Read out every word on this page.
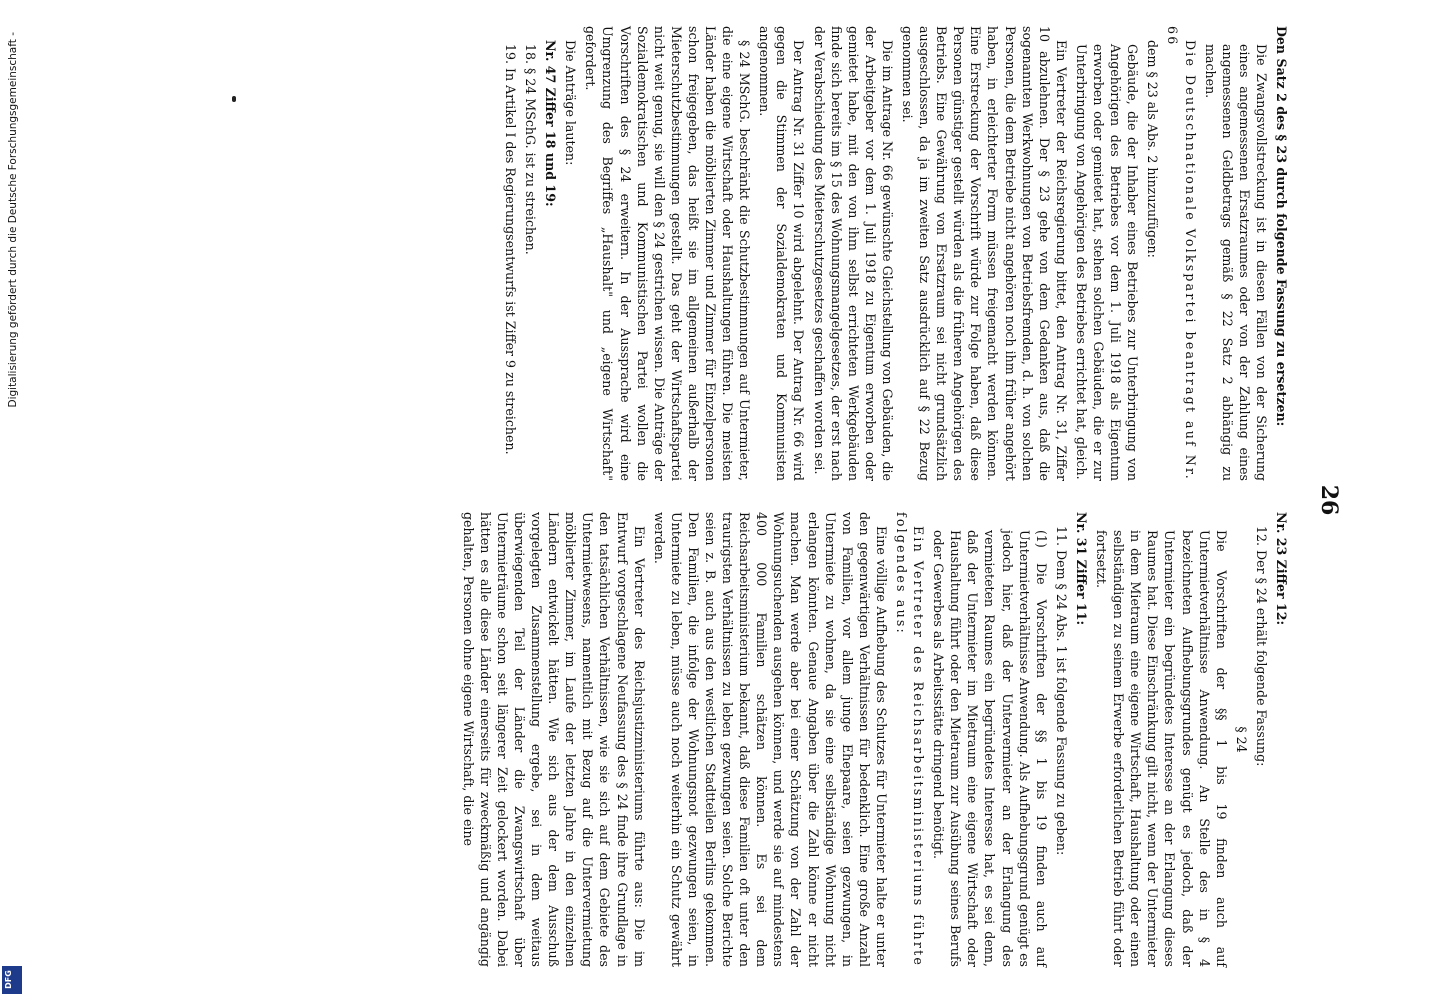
26

Den Satz 2 des § 23 durch folgende Fassung zu ersetzen:

Die Zwangsvollstreckung ist in diesen Fällen von der Sicherung eines angemessenen Ersatzraumes oder von der Zahlung eines angemessenen Geldbetrags gemäß § 22 Satz 2 abhängig zu machen.

Die Deutschnationale Volkspartei beantragt auf Nr. 66

dem § 23 als Abs. 2 hinzuzufügen:

Gebäude, die der Inhaber eines Betriebes zur Unterbringung von Angehörigen des Betriebes vor dem 1. Juli 1918 als Eigentum erworben oder gemietet hat, stehen solchen Gebäuden, die er zur Unterbringung von Angehörigen des Betriebes errichtet hat, gleich.

Ein Vertreter der Reichsregierung bittet, den Antrag Nr. 31, Ziffer 10 abzulehnen. Der § 23 gehe von dem Gedanken aus, daß die sogenannten Werkwohnungen von Betriebsfremden, d. h. von solchen Personen, die dem Betriebe nicht angehören noch ihm früher angehört haben, in erleichterter Form müssen freigemacht werden können. Eine Erstreckung der Vorschrift würde zur Folge haben, daß diese Personen günstiger gestellt würden als die früheren Angehörigen des Betriebs. Eine Gewährung von Ersatzraum sei nicht grundsätzlich ausgeschlossen, da ja im zweiten Satz ausdrücklich auf § 22 Bezug genommen sei.

Die im Antrage Nr. 66 gewünschte Gleichstellung von Gebäuden, die der Arbeitgeber vor dem 1. Juli 1918 zu Eigentum erworben oder gemietet habe, mit den von ihm selbst errichteten Werkgebäuden finde sich bereits im § 15 des Wohnungsmangelgesetzes, der erst nach der Verabschiedung des Mieterschutzgesetzes geschaffen worden sei.

Der Antrag Nr. 31 Ziffer 10 wird abgelehnt. Der Antrag Nr. 66 wird gegen die Stimmen der Sozialdemokraten und Kommunisten angenommen.

§ 24 MSchG. beschränkt die Schutzbestimmungen auf Untermieter, die eine eigene Wirtschaft oder Haushaltungen führen. Die meisten Länder haben die möblierten Zimmer und Zimmer für Einzelpersonen schon freigegeben, das heißt sie im allgemeinen außerhalb der Mieterschutzbestimmungen gestellt. Das geht der Wirtschaftspartei nicht weit genug, sie will den § 24 gestrichen wissen. Die Anträge der Sozialdemokratischen und Kommunistischen Partei wollen die Vorschriften des § 24 erweitern. In der Aussprache wird eine Umgrenzung des Begriffes „Haushalt" und „eigene Wirtschaft" gefordert.

Die Anträge lauten:

Nr. 47 Ziffer 18 und 19:

18. § 24 MSchG. ist zu streichen.

19. In Artikel I des Regierungsentwurfs ist Ziffer 9 zu streichen.

Nr. 23 Ziffer 12:

12. Der § 24 erhält folgende Fassung:

§ 24

Die Vorschriften der §§ 1 bis 19 finden auch auf Untermietverhältnisse Anwendung. An Stelle des in § 4 bezeichneten Aufhebungsgrundes genügt es jedoch, daß der Untermieter ein begründetes Interesse an der Erlangung dieses Raumes hat. Diese Einschränkung gilt nicht, wenn der Untermieter in dem Mietraum eine eigene Wirtschaft, Haushaltung oder einen selbständigen zu seinem Erwerbe erforderlichen Betrieb führt oder fortsetzt.

Nr. 31 Ziffer 11:

11. Dem § 24 Abs. 1 ist folgende Fassung zu geben:

(1) Die Vorschriften der §§ 1 bis 19 finden auch auf Untermietverhältnisse Anwendung. Als Aufhebungsgrund genügt es jedoch hier, daß der Untervermieter an der Erlangung des vermieteten Raumes ein begründetes Interesse hat, es sei denn, daß der Untermieter im Mietraum eine eigene Wirtschaft oder Haushaltung führt oder den Mietraum zur Ausübung seines Berufs oder Gewerbes als Arbeitsstätte dringend benötigt.

Ein Vertreter des Reichsarbeitsministeriums führte folgendes aus:

Eine völlige Aufhebung des Schutzes für Untermieter halte er unter den gegenwärtigen Verhältnissen für bedenklich. Eine große Anzahl von Familien, vor allem junge Ehepaare, seien gezwungen, in Untermiete zu wohnen, da sie eine selbständige Wohnung nicht erlangen könnten. Genaue Angaben über die Zahl könne er nicht machen. Man werde aber bei einer Schätzung von der Zahl der Wohnungsuchenden ausgehen können, und werde sie auf mindestens 400 000 Familien schätzen können. Es sei dem Reichsarbeitsministerium bekannt, daß diese Familien oft unter den traurigsten Verhältnissen zu leben gezwungen seien. Solche Berichte seien z. B. auch aus den westlichen Stadtteilen Berlins gekommen. Den Familien, die infolge der Wohnungsnot gezwungen seien, in Untermiete zu leben, müsse auch noch weiterhin ein Schutz gewährt werden.

Ein Vertreter des Reichsjustizministeriums führte aus: Die im Entwurf vorgeschlagene Neufassung des § 24 finde ihre Grundlage in den tatsächlichen Verhältnissen, wie sie sich auf dem Gebiete des Untermietwesens, namentlich mit Bezug auf die Untervermietung möblierter Zimmer, im Laufe der letzten Jahre in den einzelnen Ländern entwickelt hätten. Wie sich aus der dem Ausschuß vorgelegten Zusammenstellung ergebe, sei in dem weitaus überwiegenden Teil der Länder die Zwangswirtschaft über Untermieträume schon seit längerer Zeit gelockert worden. Dabei hätten es alle diese Länder einerseits für zweckmäßig und angängig gehalten, Personen ohne eigene Wirtschaft, die eine

Digitalisierung gefördert durch die Deutsche Forschungsgemeinschaft -
DFG
